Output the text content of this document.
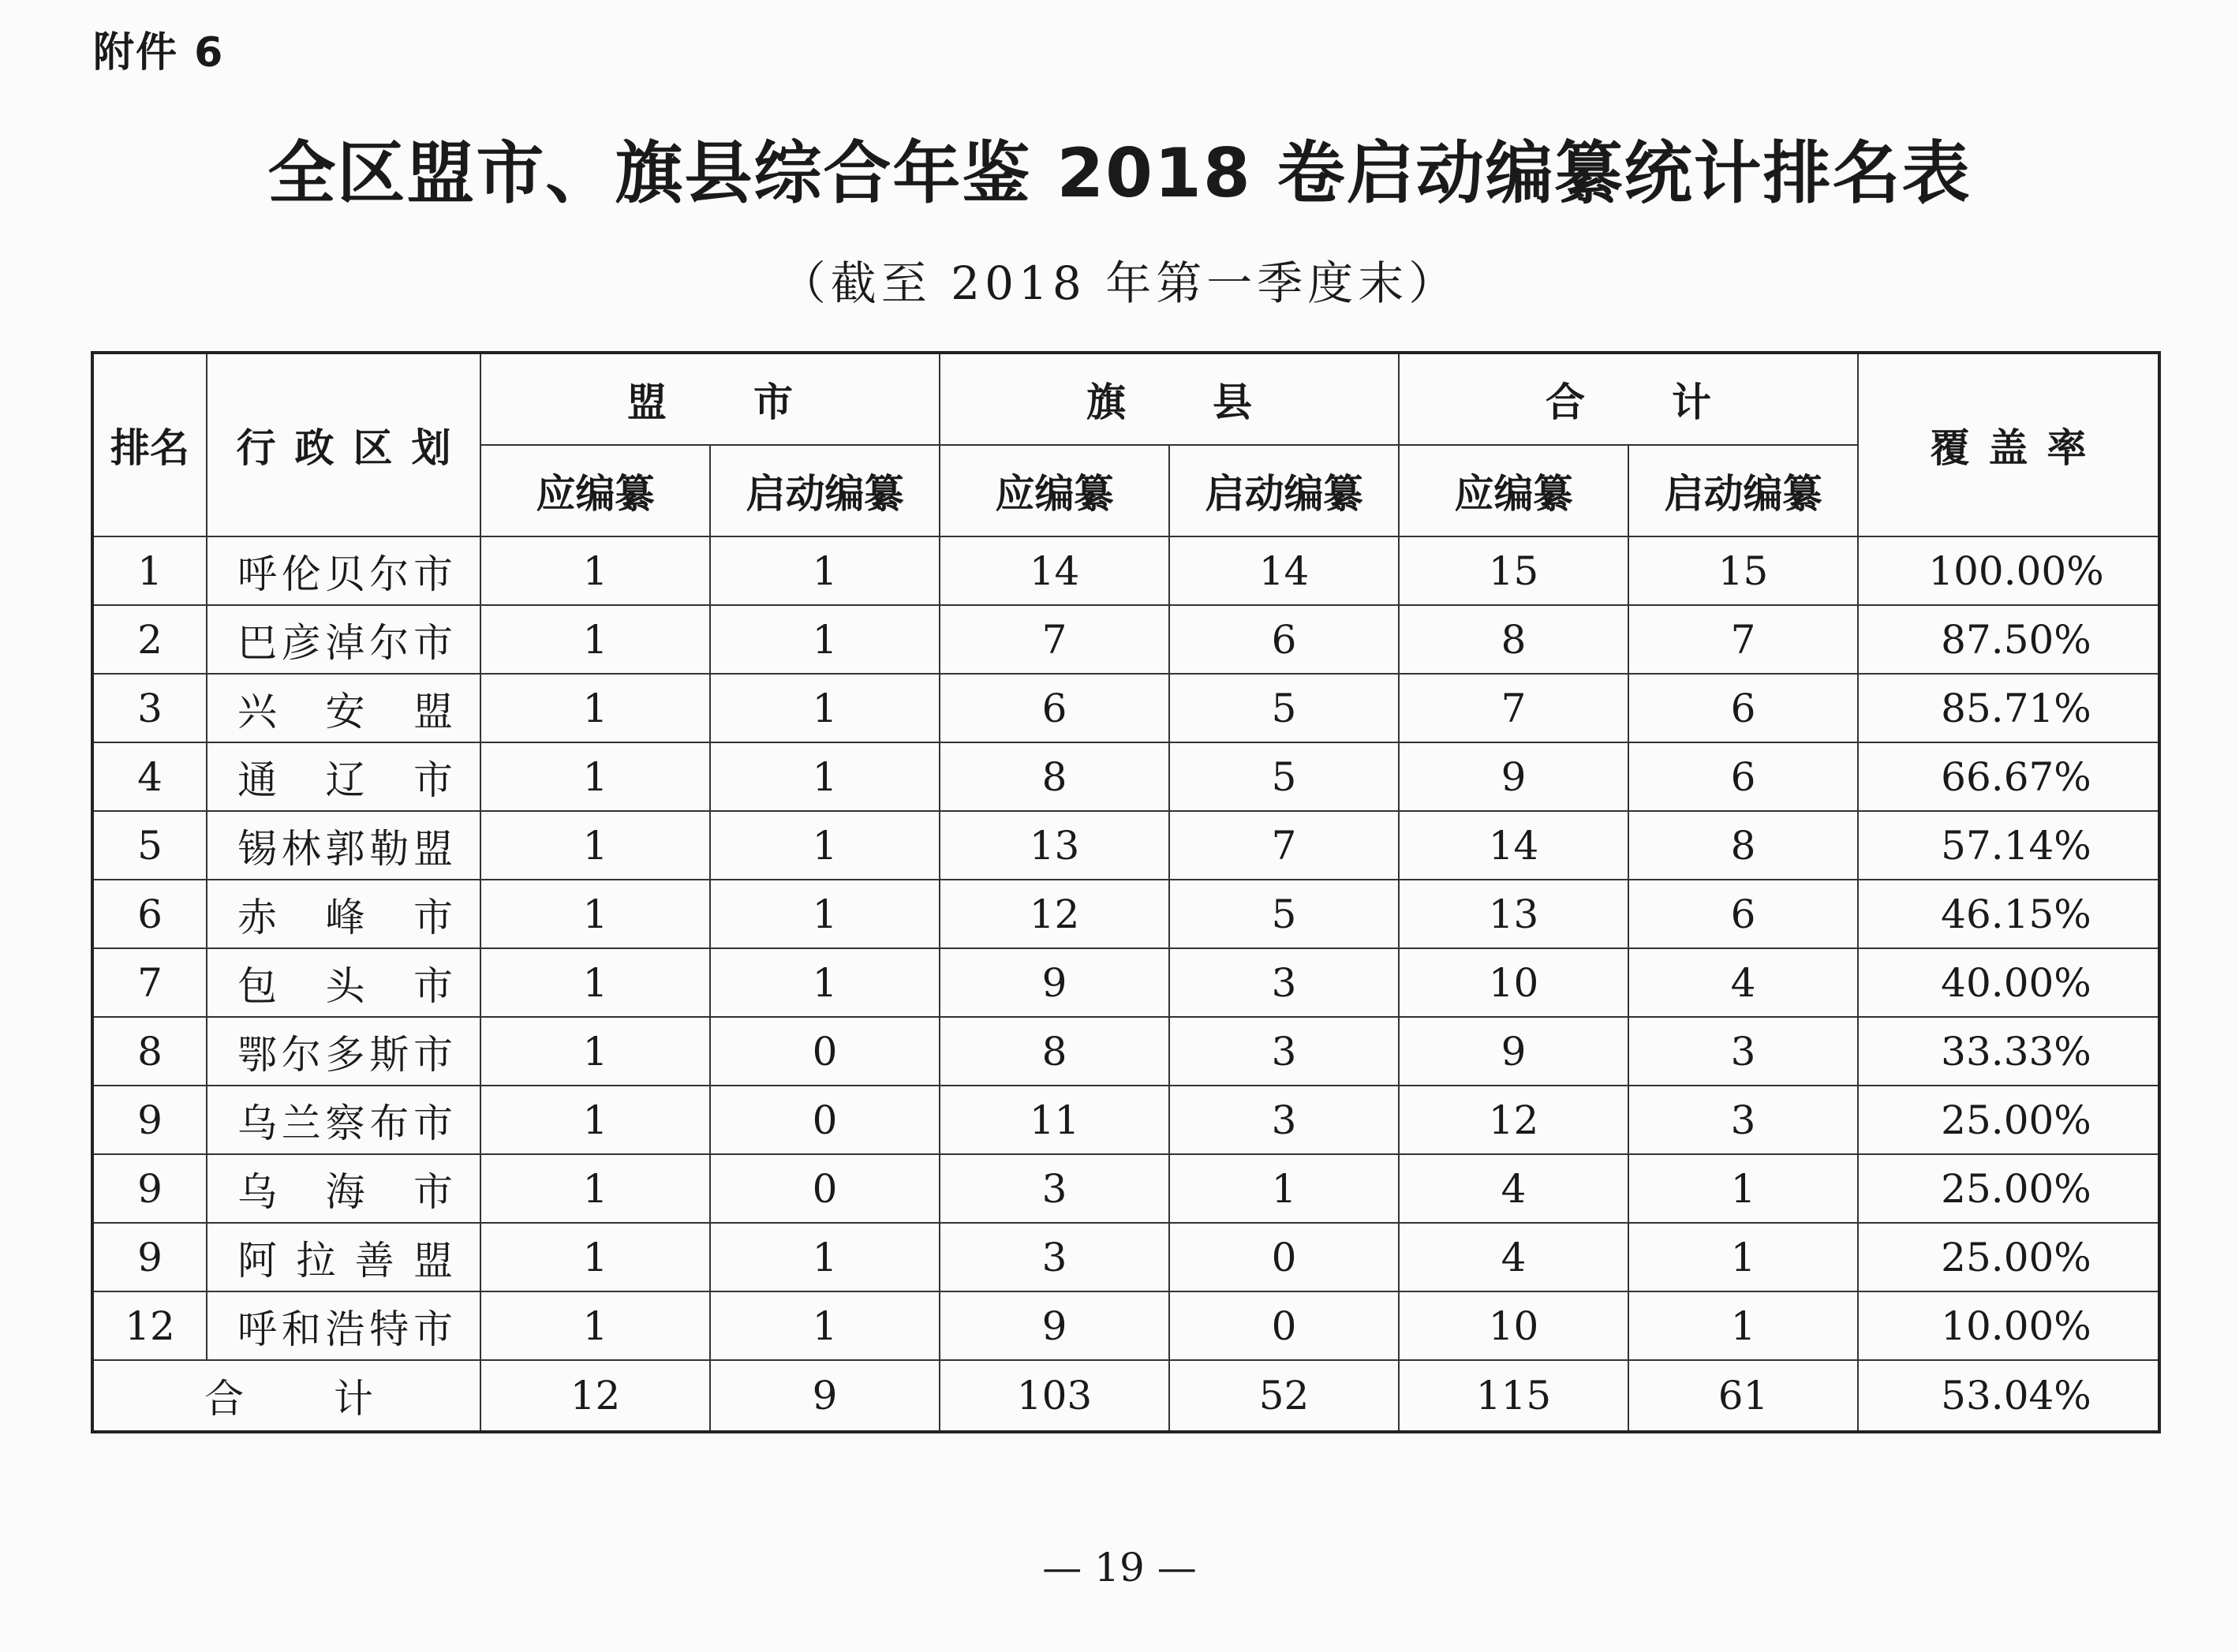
附件 6
全区盟市、旗县综合年鉴 2018 卷启动编纂统计排名表
（截至 2018 年第一季度末）
排名	行政区划	盟市		旗县		合计		覆盖率
		应编纂	启动编纂	应编纂	启动编纂	应编纂	启动编纂	
1	呼伦贝尔市	1	1	14	14	15	15	100.00%
2	巴彦淖尔市	1	1	7	6	8	7	87.50%
3	兴安盟	1	1	6	5	7	6	85.71%
4	通辽市	1	1	8	5	9	6	66.67%
5	锡林郭勒盟	1	1	13	7	14	8	57.14%
6	赤峰市	1	1	12	5	13	6	46.15%
7	包头市	1	1	9	3	10	4	40.00%
8	鄂尔多斯市	1	0	8	3	9	3	33.33%
9	乌兰察布市	1	0	11	3	12	3	25.00%
9	乌海市	1	0	3	1	4	1	25.00%
9	阿拉善盟	1	1	3	0	4	1	25.00%
12	呼和浩特市	1	1	9	0	10	1	10.00%
合计		12	9	103	52	115	61	53.04%
— 19 —
